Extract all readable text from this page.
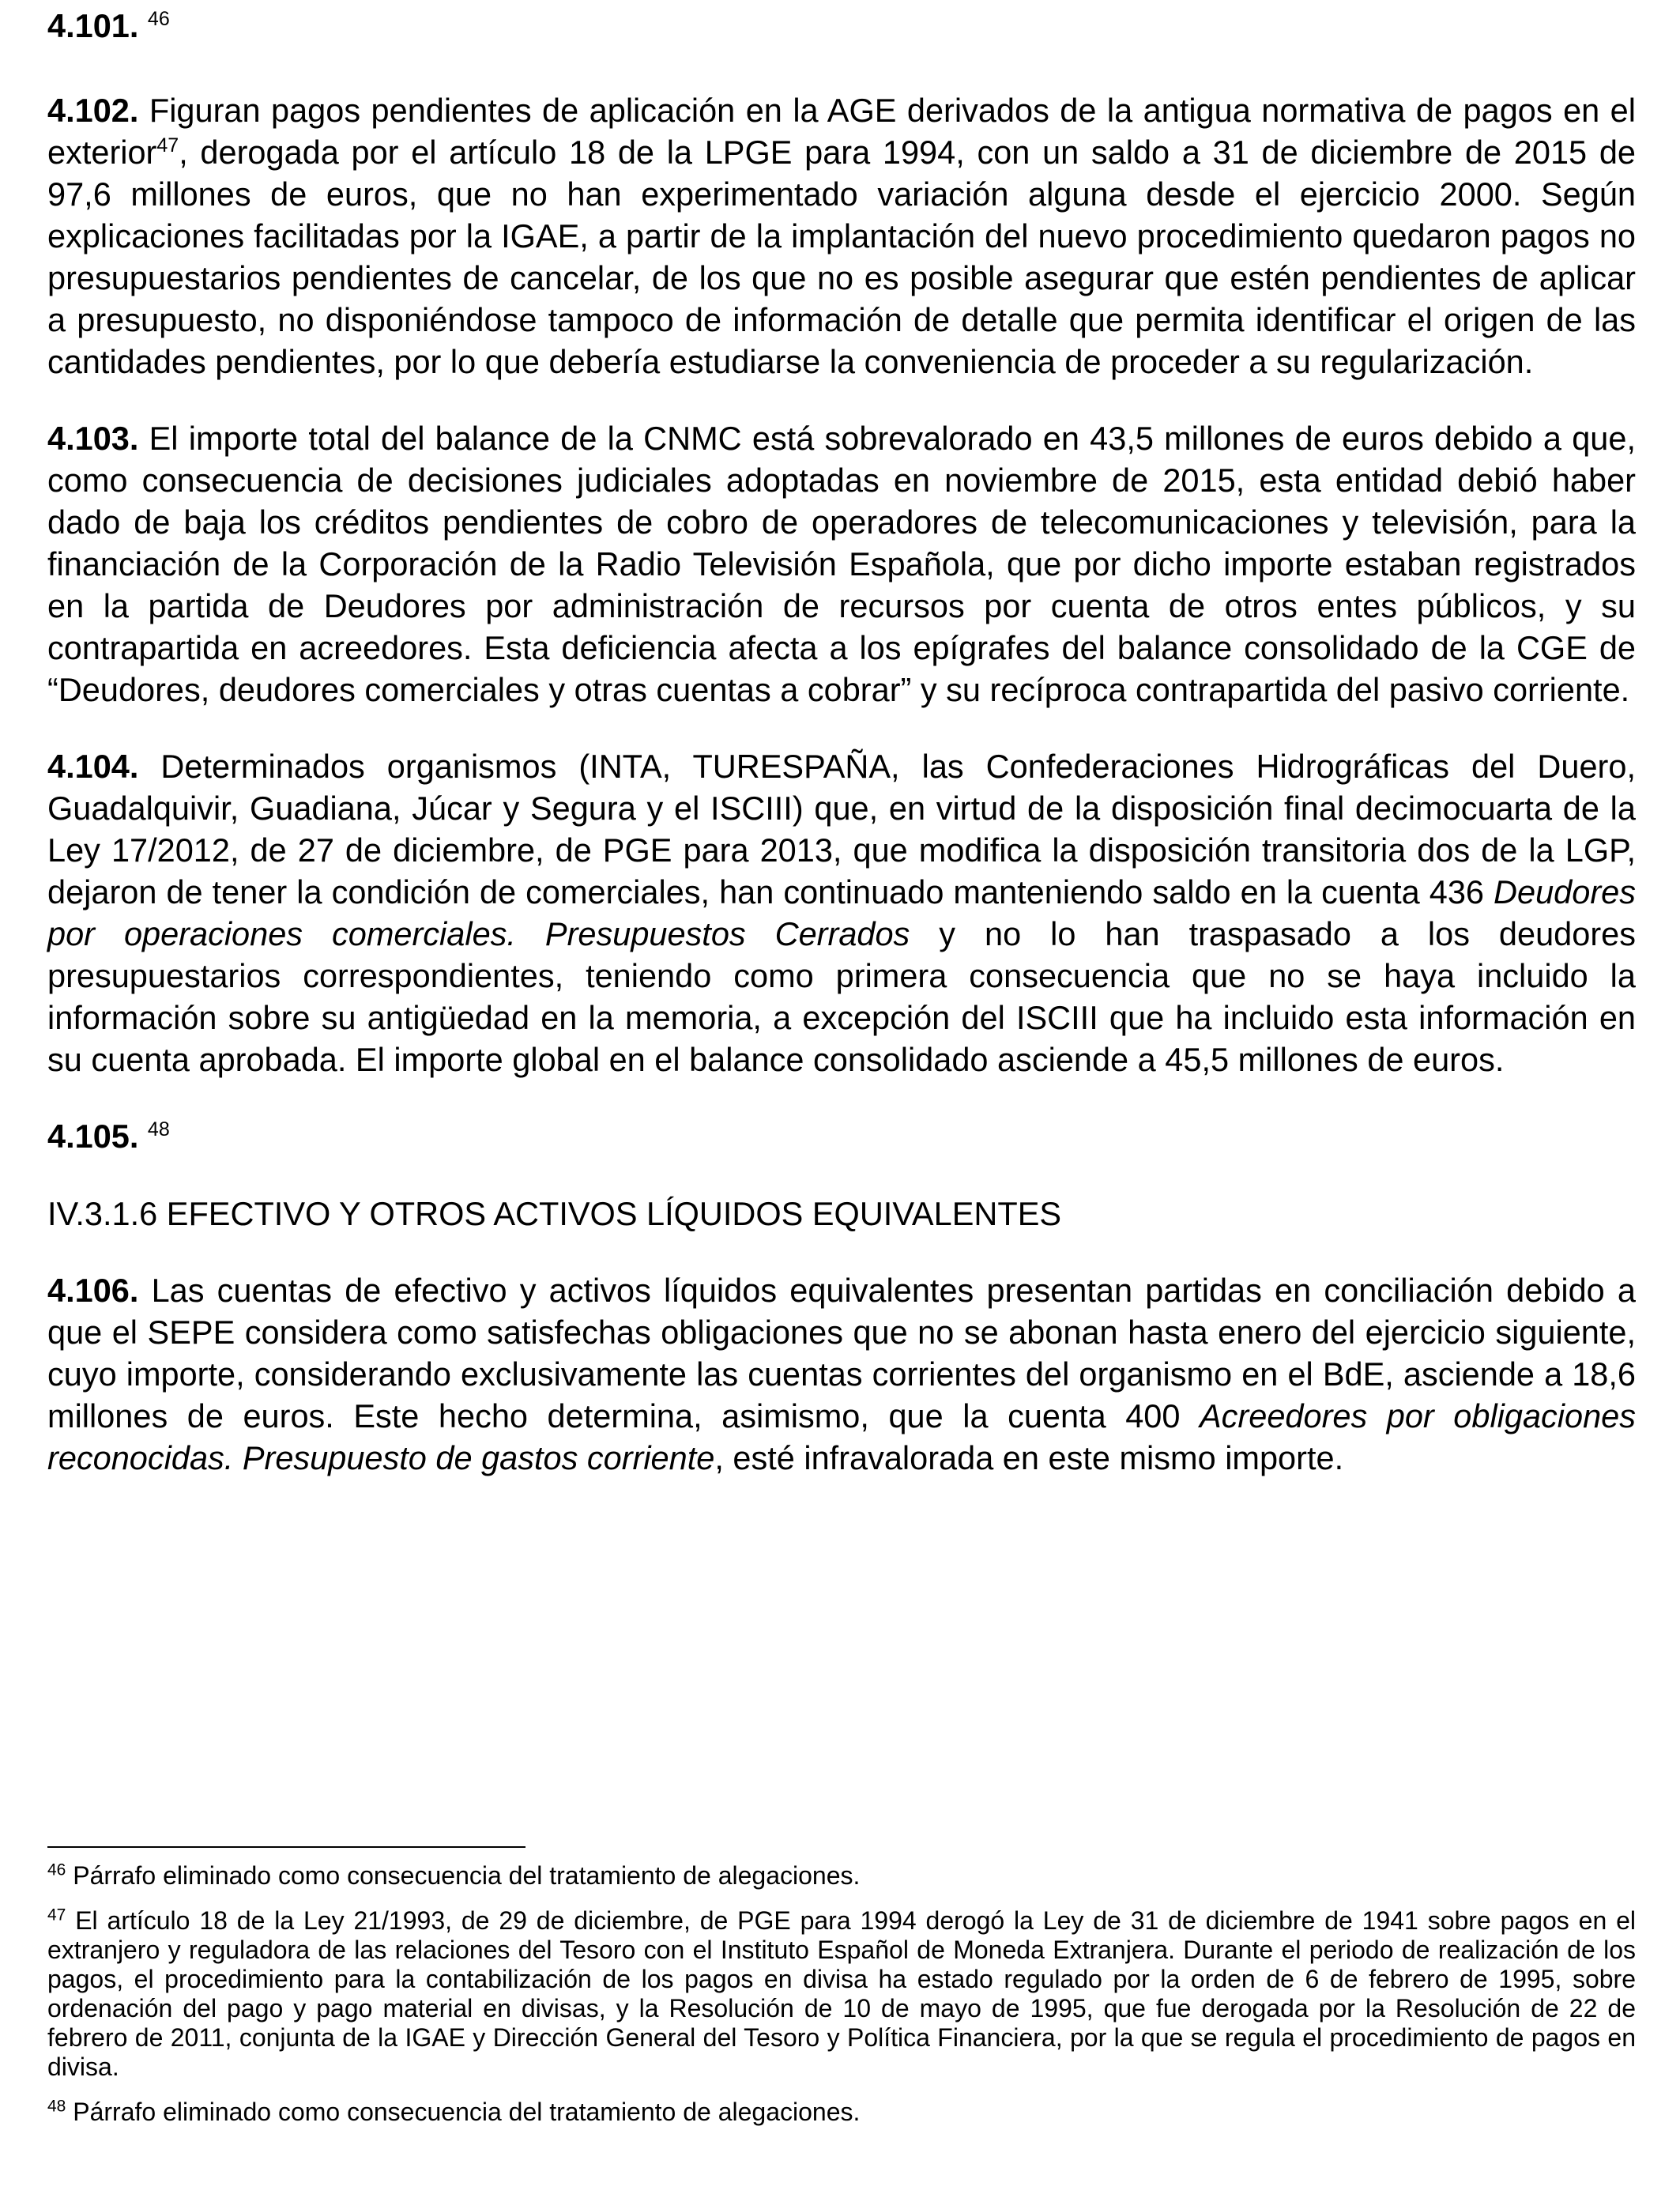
4.101. $^{46}$

4.102. Figuran pagos pendientes de aplicación en la AGE derivados de la antigua normativa de pagos en el exterior$^{47}$, derogada por el artículo 18 de la LPGE para 1994, con un saldo a 31 de diciembre de 2015 de 97,6 millones de euros, que no han experimentado variación alguna desde el ejercicio 2000. Según explicaciones facilitadas por la IGAE, a partir de la implantación del nuevo procedimiento quedaron pagos no presupuestarios pendientes de cancelar, de los que no es posible asegurar que estén pendientes de aplicar a presupuesto, no disponiéndose tampoco de información de detalle que permita identificar el origen de las cantidades pendientes, por lo que debería estudiarse la conveniencia de proceder a su regularización.

4.103. El importe total del balance de la CNMC está sobrevalorado en 43,5 millones de euros debido a que, como consecuencia de decisiones judiciales adoptadas en noviembre de 2015, esta entidad debió haber dado de baja los créditos pendientes de cobro de operadores de telecomunicaciones y televisión, para la financiación de la Corporación de la Radio Televisión Española, que por dicho importe estaban registrados en la partida de Deudores por administración de recursos por cuenta de otros entes públicos, y su contrapartida en acreedores. Esta deficiencia afecta a los epígrafes del balance consolidado de la CGE de “Deudores, deudores comerciales y otras cuentas a cobrar” y su recíproca contrapartida del pasivo corriente.

4.104. Determinados organismos (INTA, TURESPAÑA, las Confederaciones Hidrográficas del Duero, Guadalquivir, Guadiana, Júcar y Segura y el ISCIII) que, en virtud de la disposición final decimocuarta de la Ley 17/2012, de 27 de diciembre, de PGE para 2013, que modifica la disposición transitoria dos de la LGP, dejaron de tener la condición de comerciales, han continuado manteniendo saldo en la cuenta 436 Deudores por operaciones comerciales. Presupuestos Cerrados y no lo han traspasado a los deudores presupuestarios correspondientes, teniendo como primera consecuencia que no se haya incluido la información sobre su antigüedad en la memoria, a excepción del ISCIII que ha incluido esta información en su cuenta aprobada. El importe global en el balance consolidado asciende a 45,5 millones de euros.

4.105. $^{48}$

IV.3.1.6 EFECTIVO Y OTROS ACTIVOS LÍQUIDOS EQUIVALENTES

4.106. Las cuentas de efectivo y activos líquidos equivalentes presentan partidas en conciliación debido a que el SEPE considera como satisfechas obligaciones que no se abonan hasta enero del ejercicio siguiente, cuyo importe, considerando exclusivamente las cuentas corrientes del organismo en el BdE, asciende a 18,6 millones de euros. Este hecho determina, asimismo, que la cuenta 400 Acreedores por obligaciones reconocidas. Presupuesto de gastos corriente, esté infravalorada en este mismo importe.

$^{46}$ Párrafo eliminado como consecuencia del tratamiento de alegaciones.

$^{47}$ El artículo 18 de la Ley 21/1993, de 29 de diciembre, de PGE para 1994 derogó la Ley de 31 de diciembre de 1941 sobre pagos en el extranjero y reguladora de las relaciones del Tesoro con el Instituto Español de Moneda Extranjera. Durante el periodo de realización de los pagos, el procedimiento para la contabilización de los pagos en divisa ha estado regulado por la orden de 6 de febrero de 1995, sobre ordenación del pago y pago material en divisas, y la Resolución de 10 de mayo de 1995, que fue derogada por la Resolución de 22 de febrero de 2011, conjunta de la IGAE y Dirección General del Tesoro y Política Financiera, por la que se regula el procedimiento de pagos en divisa.

$^{48}$ Párrafo eliminado como consecuencia del tratamiento de alegaciones.
